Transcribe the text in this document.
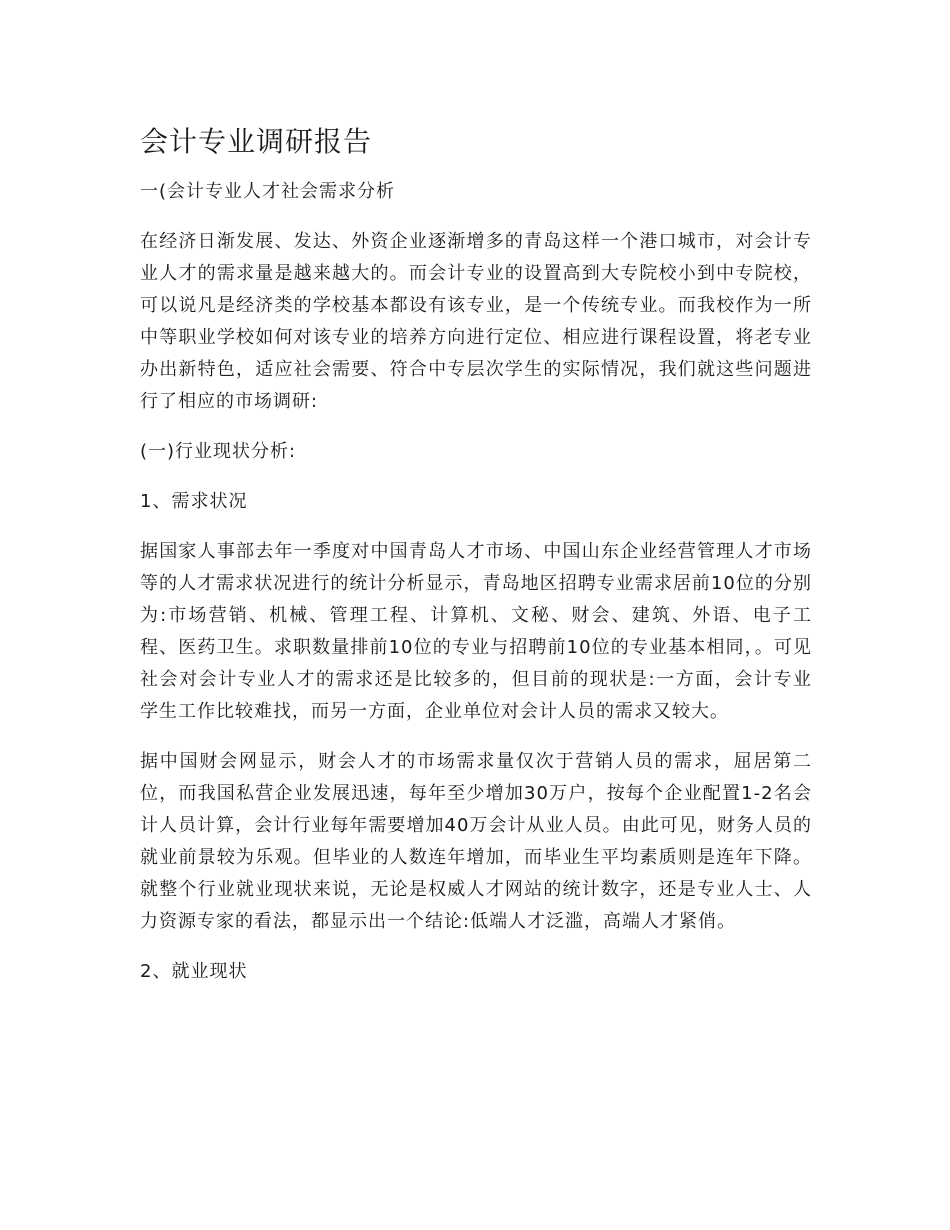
会计专业调研报告
一(会计专业人才社会需求分析

在经济日渐发展、发达、外资企业逐渐增多的青岛这样一个港口城市，对会计专业人才的需求量是越来越大的。而会计专业的设置高到大专院校小到中专院校，可以说凡是经济类的学校基本都设有该专业，是一个传统专业。而我校作为一所中等职业学校如何对该专业的培养方向进行定位、相应进行课程设置，将老专业办出新特色，适应社会需要、符合中专层次学生的实际情况，我们就这些问题进行了相应的市场调研:

(一)行业现状分析:
1、需求状况

据国家人事部去年一季度对中国青岛人才市场、中国山东企业经营管理人才市场等的人才需求状况进行的统计分析显示，青岛地区招聘专业需求居前10位的分别为:市场营销、机械、管理工程、计算机、文秘、财会、建筑、外语、电子工程、医药卫生。求职数量排前10位的专业与招聘前10位的专业基本相同，。可见社会对会计专业人才的需求还是比较多的，但目前的现状是:一方面，会计专业学生工作比较难找，而另一方面，企业单位对会计人员的需求又较大。

据中国财会网显示，财会人才的市场需求量仅次于营销人员的需求，屈居第二位，而我国私营企业发展迅速，每年至少增加30万户，按每个企业配置1-2名会计人员计算，会计行业每年需要增加40万会计从业人员。由此可见，财务人员的就业前景较为乐观。但毕业的人数连年增加，而毕业生平均素质则是连年下降。就整个行业就业现状来说，无论是权威人才网站的统计数字，还是专业人士、人力资源专家的看法，都显示出一个结论:低端人才泛滥，高端人才紧俏。

2、就业现状
